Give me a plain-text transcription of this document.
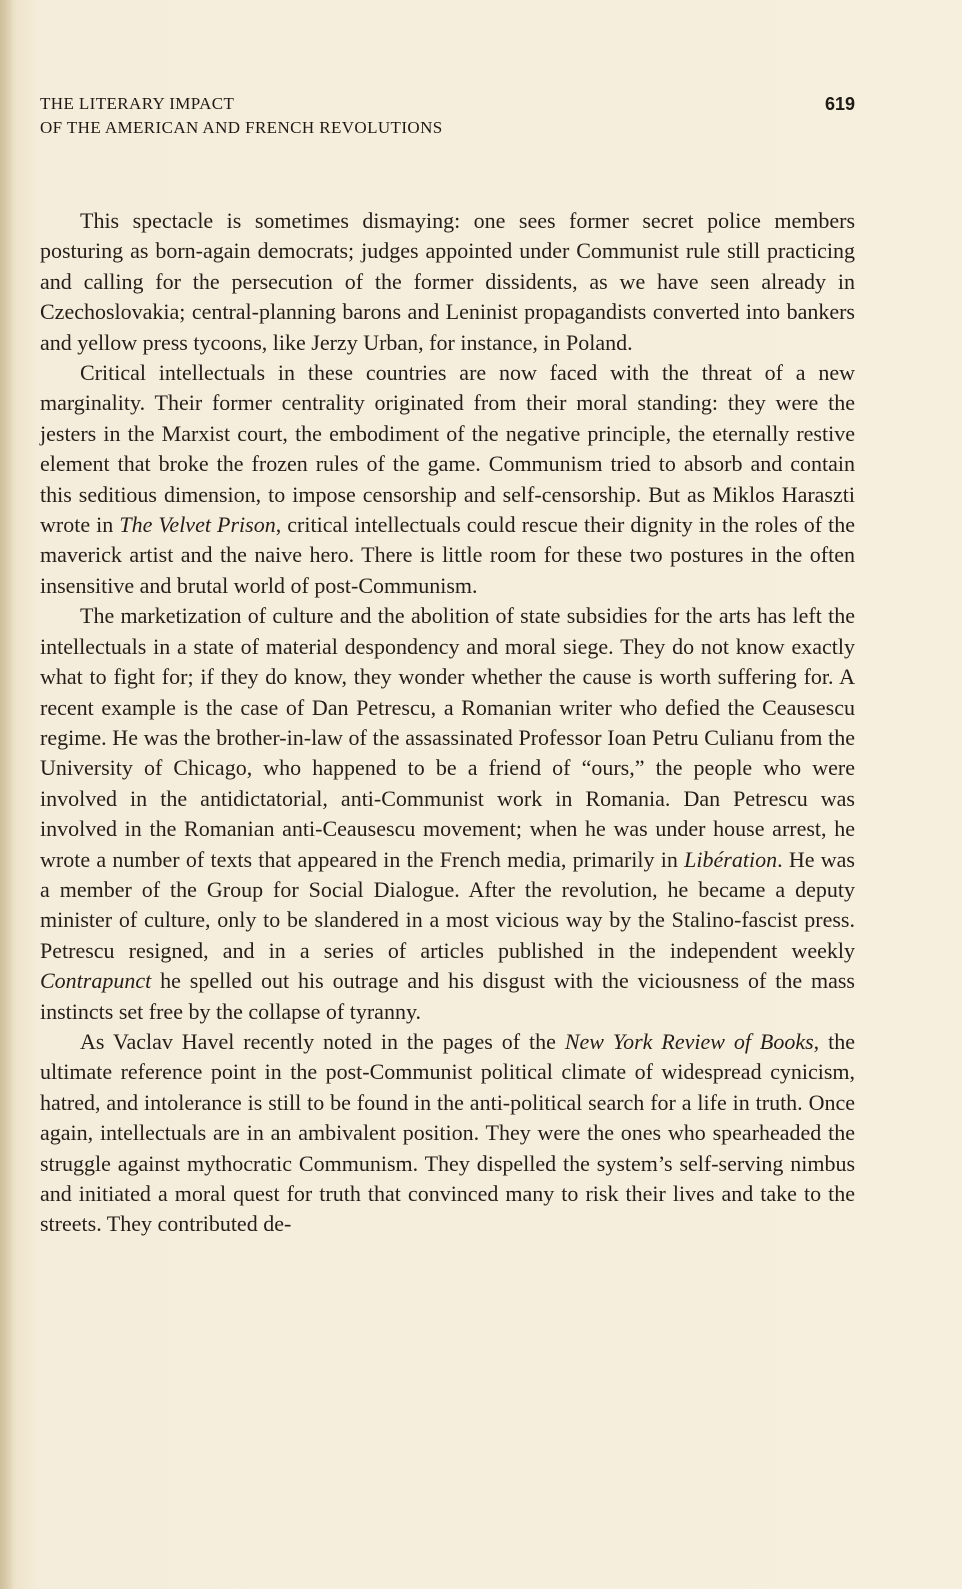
THE LITERARY IMPACT
OF THE AMERICAN AND FRENCH REVOLUTIONS
619

This spectacle is sometimes dismaying: one sees former secret police members posturing as born-again democrats; judges appointed under Communist rule still practicing and calling for the persecution of the former dissidents, as we have seen already in Czechoslovakia; central-planning barons and Leninist propagandists converted into bankers and yellow press tycoons, like Jerzy Urban, for instance, in Poland.

Critical intellectuals in these countries are now faced with the threat of a new marginality. Their former centrality originated from their moral standing: they were the jesters in the Marxist court, the embodiment of the negative principle, the eternally restive element that broke the frozen rules of the game. Communism tried to absorb and contain this seditious dimension, to impose censorship and self-censorship. But as Miklos Haraszti wrote in The Velvet Prison, critical intellectuals could rescue their dignity in the roles of the maverick artist and the naive hero. There is little room for these two postures in the often insensitive and brutal world of post-Communism.

The marketization of culture and the abolition of state subsidies for the arts has left the intellectuals in a state of material despondency and moral siege. They do not know exactly what to fight for; if they do know, they wonder whether the cause is worth suffering for. A recent example is the case of Dan Petrescu, a Romanian writer who defied the Ceausescu regime. He was the brother-in-law of the assassinated Professor Ioan Petru Culianu from the University of Chicago, who happened to be a friend of “ours,” the people who were involved in the antidictatorial, anti-Communist work in Romania. Dan Petrescu was involved in the Romanian anti-Ceausescu movement; when he was under house arrest, he wrote a number of texts that appeared in the French media, primarily in Libération. He was a member of the Group for Social Dialogue. After the revolution, he became a deputy minister of culture, only to be slandered in a most vicious way by the Stalino-fascist press. Petrescu resigned, and in a series of articles published in the independent weekly Contrapunct he spelled out his outrage and his disgust with the viciousness of the mass instincts set free by the collapse of tyranny.

As Vaclav Havel recently noted in the pages of the New York Review of Books, the ultimate reference point in the post-Communist political climate of widespread cynicism, hatred, and intolerance is still to be found in the anti-political search for a life in truth. Once again, intellectuals are in an ambivalent position. They were the ones who spearheaded the struggle against mythocratic Communism. They dispelled the system’s self-serving nimbus and initiated a moral quest for truth that convinced many to risk their lives and take to the streets. They contributed de-
